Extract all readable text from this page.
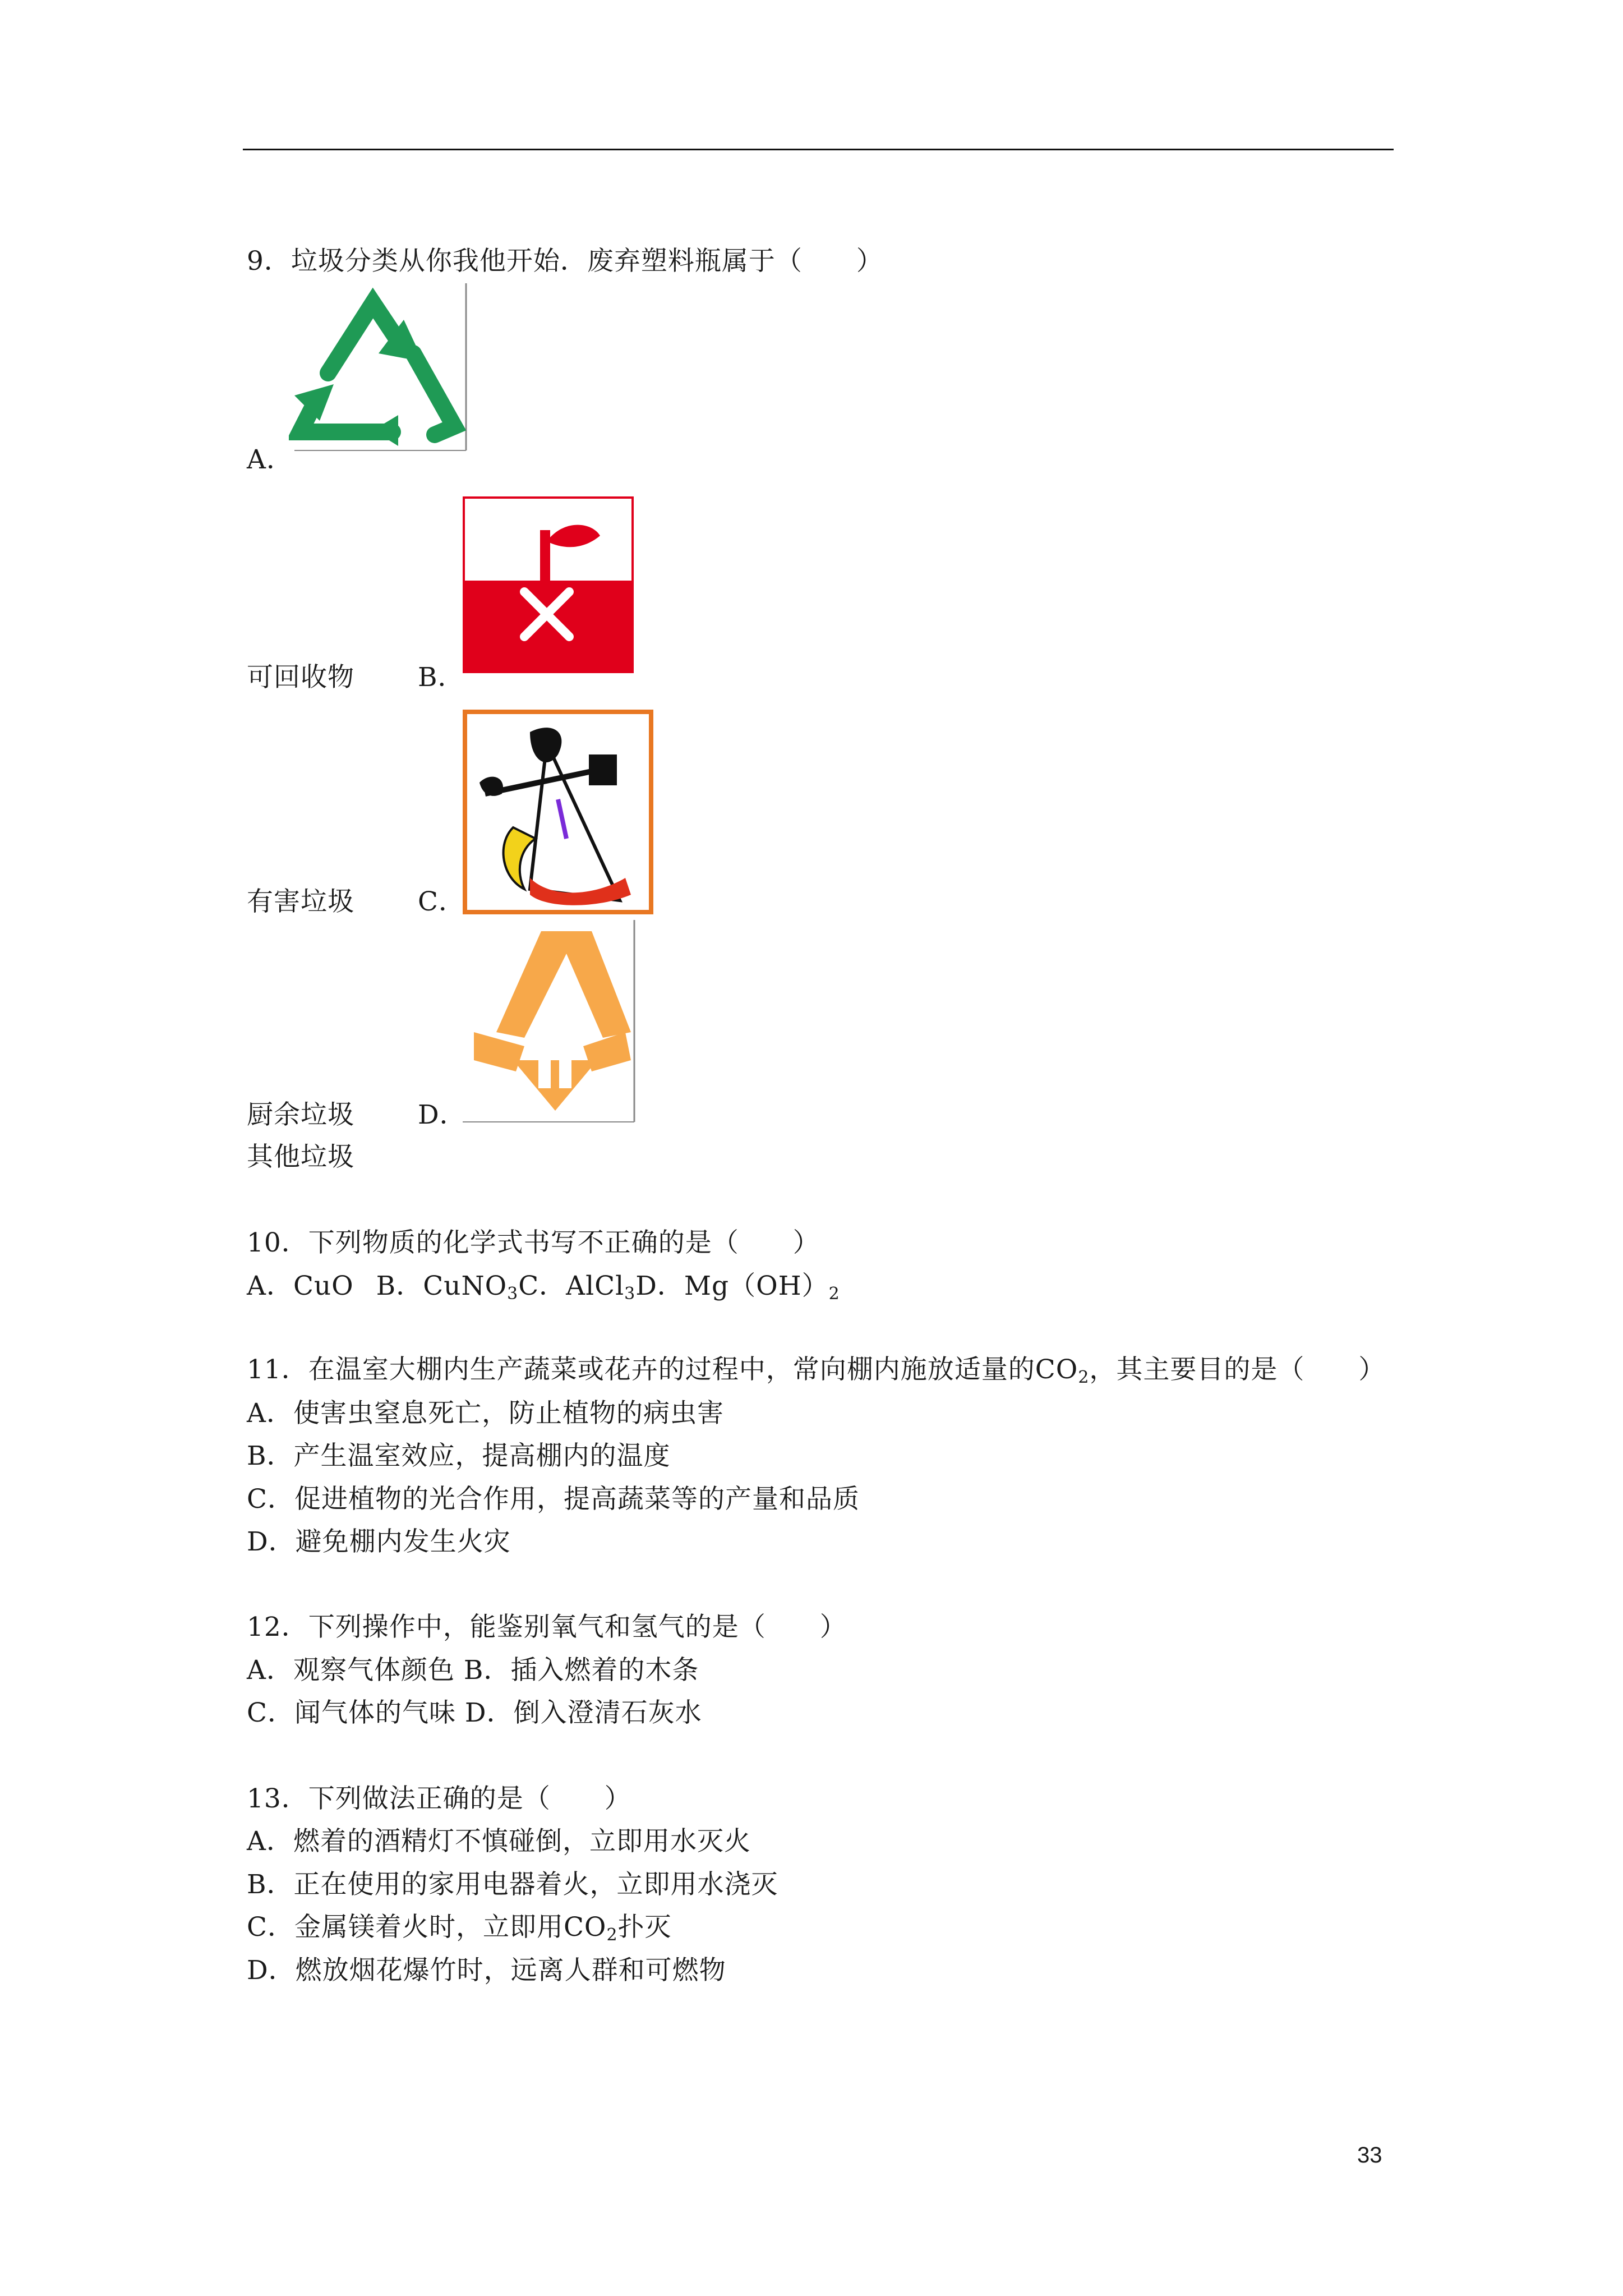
9．垃圾分类从你我他开始．废弃塑料瓶属于（　　）
A．
可回收物 B．
有害垃圾 C．
厨余垃圾 D．
其他垃圾
10．下列物质的化学式书写不正确的是（　　）
A．CuO B．CuNO$_3$C．AlCl$_3$D．$Mg(OH)_2$
11．在温室大棚内生产蔬菜或花卉的过程中，常向棚内施放适量的$CO_2$，其主要目的是（　　）
A．使害虫窒息死亡，防止植物的病虫害
B．产生温室效应，提高棚内的温度
C．促进植物的光合作用，提高蔬菜等的产量和品质
D．避免棚内发生火灾
12．下列操作中，能鉴别氧气和氢气的是（　　）
A．观察气体颜色 B．插入燃着的木条
C．闻气体的气味 D．倒入澄清石灰水
13．下列做法正确的是（　　）
A．燃着的酒精灯不慎碰倒，立即用水灭火
B．正在使用的家用电器着火，立即用水浇灭
C．金属镁着火时，立即用$CO_2$扑灭
D．燃放烟花爆竹时，远离人群和可燃物
33
